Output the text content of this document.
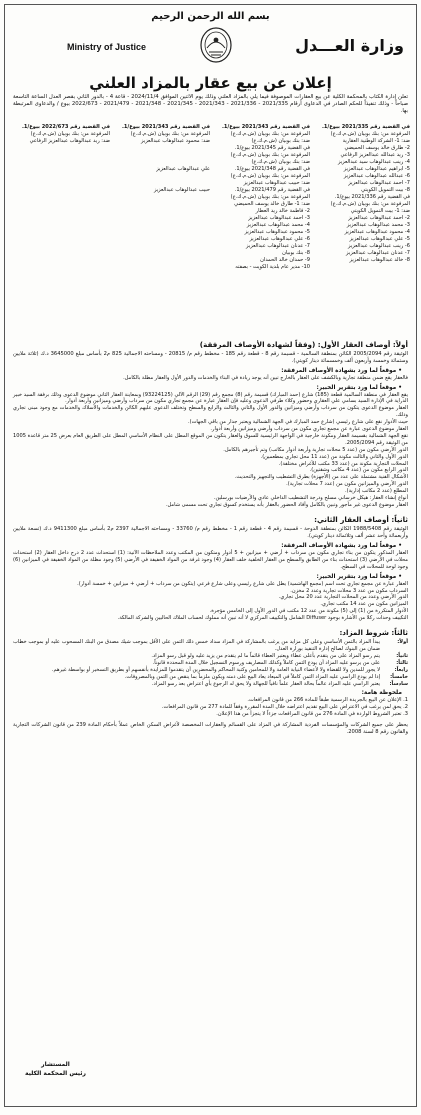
بسم الله الرحمن الرحيم
Ministry of Justice	وزارة العـــدل
إعلان عن بيع عقار بالمزاد العلني
تعلن إدارة الكتاب بالمحكمة الكلية عن بيع العقارات الموصوفة فيما يلي بالمزاد العلني وذلك يوم الاثنين الموافق 2024/11/4 - قاعة 4 - بالدور الثاني بقصر العدل الساعة التاسعة صباحاً - وذلك تنفيذاً للحكم الصادر في الدعاوى أرقام 2021/335 - 2021/336 - 2021/343 - 2021/345 - 2021/348 - 2021/479 - 2022/673 بيوع / والدعاوى المرتبطة بها.
في القضية رقم 2021/335 بيوع/1.
المرفوعة من: بنك بوبيان (ش.م.ك.ع)
ضد: 1- الشركة الوطنية العقارية
2- طارق خالد يوسف الحميضي
3- زيد عبدالله عبدالعزيز الرفاعي
4- زينب عبدالوهاب سيد عبدالعزيز
5- ابراهيم عبدالوهاب عبدالعزيز
6- عبدالله عبدالوهاب عبدالعزيز
7- أحمد عبدالوهاب عبدالعزيز
8- بيت التمويل الكويتي
في القضية رقم 2021/336 بيوع/1.
المرفوعة من: بنك بوبيان (ش.م.ك.ع)
ضد: 1- بيت التمويل الكويتي
2- أحمد عبدالوهاب عبدالعزيز
3- محمد عبدالوهاب عبدالعزيز
4- محمود عبدالوهاب عبدالعزيز
5- علي عبدالوهاب عبدالعزيز
6- زينب عبدالوهاب عبدالعزيز
7- عدنان عبدالوهاب عبدالعزيز
8- خالد عبدالوهاب عبدالعزيز
في القضية رقم 2021/343 بيوع/1.
المرفوعة من: بنك بوبيان (ش.م.ك.ع)
ضد: بنك بوبيان (ش.م.ك.ع)
في القضية رقم 2021/345 بيوع/1.
المرفوعة من: بنك بوبيان (ش.م.ك.ع)
ضد: بنك بوبيان (ش.م.ك.ع)
في القضية رقم 2021/348 بيوع/1.
المرفوعة من: بنك بوبيان (ش.م.ك.ع)
ضد: حبيب عبدالوهاب عبدالعزيز
في القضية رقم 2021/479 بيوع/1.
المرفوعة من: بنك بوبيان (ش.م.ك.ع)
ضد: 1- طارق خالد يوسف الحميضي
2- فاطمة خالد زيد العطار
3- أحمد عبدالوهاب عبدالعزيز
4- محمد عبدالوهاب عبدالعزيز
5- محمود عبدالوهاب عبدالعزيز
6- علي عبدالوهاب عبدالعزيز
7- عدنان عبدالوهاب عبدالعزيز
8- بنك بوبيان
9- حمدان خالد الحمدان
10- مدير عام بلدية الكويت - بصفته
في القضية رقم 2021/343 بيوع/1.
المرفوعة من: بنك بوبيان (ش.م.ك.ع)
ضد: محمود عبدالوهاب عبدالعزيز

علي عبدالوهاب عبدالعزيز

حبيب عبدالوهاب عبدالعزيز
في القضية رقم 2022/673 بيوع/1.
المرفوعة من: بنك بوبيان (ش.م.ك.ع)
ضد: زيد عبدالوهاب عبدالعزيز الرفاعي
أولاً: أوصاف العقار الأول: (وفقاً لشهادة الأوصاف المرفقة)
الوثيقة رقم 2005/2094 الكائن بمنطقة السالمية - قسيمة رقم 8 - قطعة رقم 185 - مخطط رقم م/ 20815 - ومساحته الاجمالية 825 م2 بأساس مبلغ 3645000 د.ك (ثلاثة ملايين وستمائة وخمسة وأربعون ألف وخمسمائة دينار كويتي).
• موقعاً لما ورد بشهادة الأوصاف المرفقة:
فالعقار يقع ضمن منطقة تجارية وبالكشف على العقار بالخارج تبين أنه يوجد زيادة في البناء والخدمات والدور الأول والعقار مطلة بالكامل.
• موقعاً لما ورد بتقرير الخبير:
يقع العقار في منطقة السالمية قطعة (185) شارع (حمد المبارك) قسيمة رقم (8) مجمع رقم (29) الرقم الآلي (93224125) وبمعاينة العقار الثاني موضوع الدعوى وذلك برفقة السيد خبير الدراية في الإدارة السيد بسامي علي العقاري وحضور وكلاء طرفي الدعوى وعليه فإن العقار عبارة عن مجمع تجاري مكون من سرداب وأرضي وميزانين وأربعة أدوار.
العقار موضوع الدعوى يتكون من سرداب وأرضي وميزانين والدور الأول والثاني والثالث والرابع والسطح وتختلف الدعوى عليهم الكائن والخدمات والأسلاك والخدمات مع وجود مبنى تجاري وذلك.
حيث الأدوار نقع على شارع رئيسي (شارع حمد المبارك في الجهة الشمالية ويعتبر جدار من باقي الجهات).
العقار موضوع الدعوى عبارة عن مجمع تجاري مكون من سرداب وأرضي وميزانين وأربعة أدوار.
تقع الجهة الشمالية بقسيمة العقار ومكونة خارجية في الواجهة الرئيسية للسوق والعقار يتكون من الموقع المطل على النظام الأساسي المطل على الطريق العام بعرض 25 متر قاعدة 1005 من الوثيقة رقم 2005/2094.
الدور الأرضي مكون من (عدد 5 محلات تجارية وأربعة أدوار مكاتب) وتم تأجيرهم بالكامل.
الدور الأول والثاني والثالث مكونة من (عدد 11 محل تجاري بمطعمين).
المحلات التجارية مكونة من (عدد 33 مكتب للأغراض مختلفة).
الدور الرابع مكون من (عدد 4 مكاتب وشقتين).
الأشكال الفنية مشتملة على عدد من (الأجهزة) بطرق التشطيب والتجهيز والتحديث.
الدور الأرضي والميزانين مكون من (عدد 7 محلات تجارية).
المطلع (عدد 2 مكاتب إدارية).
أنواع إنشاء العقار: هيكل خرساني مسلح ودرجة التشطيب الداخلي عادي والأرضيات بورسلين.
العقار موضوع الدعوى غير مأجور وتبين بالكامل وأفاد الحضور بالعقار بأنه يستخدم كسوق تجاري تحت مسمى شامل.
ثانياً: أوصاف العقار الثاني:
الوثيقة رقم 1988/5408 الكائن بمنطقة الدوحة - قسيمة رقم 4 - قطعة رقم 1 - مخطط رقم م/ 33760 - ومساحته الاجمالية 2397 م2 بأساس مبلغ 9411300 د.ك (تسعة ملايين وأربعمائة وأحد عشر ألف وثلاثمائة دينار كويتي).
• موقعاً لما ورد بشهادة الأوصاف المرفقة:
العقار المذكور يتكون من بناء تجاري مكون من سرداب + أرضي + ميزانين + 5 أدوار ومتكون من المكتب وعدد الملاحظات الآتية: (1) استحداث عدد 2 درج داخل العقار (2) استحداث محلات في الأرضي (3) استحداث بناء من الطابق والسطح من العقار الخلفية خلف العقار (4) وجود غرفة من المواد الخفيفة في الأرضي (5) وجود مظلة من المواد الخفيفة في الميزانين (6) وجود لوحة للمحلات في السطح.
• موقعاً لما ورد بتقرير الخبير:
العقار عبارة عن مجمع تجاري تحت اسم (مجمع الهاشمية) يطل على شارع رئيسي وعلى شارع فرعي (يتكون من سرداب + أرضي + ميزانين + خمسة أدوار).
السرداب مكون من عدد 3 محلات تجارية وعدد 2 مخزن.
الدور الأرضي وعدد من المحلات التجارية عدد 20 محل تجاري.
الميزانين مكون من عدد 14 مكتب تجاري.
الأدوار المتكررة من (1) إلى (5) مكونة من عدد 12 مكتب في الدور الأول إلى الخامس مؤجرة.
التكييف وحدات ركلا من الأشارة بوجود Diffuser الشامل والتكييف المركزي لا أنه تبين أنه مملوك لحساب الملاك الحاليين والشركة المالكة.
ثالثاً: شروط المزاد:
أولاً:
يبدأ المزاد بالثمن الأساسي وعلى كل مزايد من يرغب بالمشاركة في المزاد سداد خمس ذلك الثمن على الأقل بموجب شيك مصدق من البنك المسحوب عليه أو بموجب خطاب ضمان من البنوك لصالح إدارة التنفيذ بوزارة العدل.
ثانياً:
يتم رسو المزاد على من يتقدم بأعلى عطاء ويعتبر العطاء قائماً ما لم يتقدم من يزيد عليه ولو قبل رسو المزاد.
ثالثاً:
على من يرسو عليه المزاد أن يودع الثمن كاملاً وكذلك المصاريف ورسوم التسجيل خلال المدة المحددة قانوناً.
رابعاً:
لا يجوز للمدين ولا للقضاة ولا لأعضاء النيابة العامة ولا للمحامين وكتبة المحاكم والمحضرين أن يتقدموا للمزايدة بأنفسهم أو بطريق التسخير أو بواسطة غيرهم.
خامساً:
إذا لم يودع الراسي عليه المزاد الثمن كاملاً في الميعاد يعاد البيع على ذمته ويكون ملزماً بما ينقص من الثمن وبالمصروفات.
سادساً:
يعتبر الراسي عليه المزاد عالماً بحالة العقار علماً نافياً للجهالة ولا يحق له الرجوع بأي اعتراض بعد رسو المزاد.
ملحوظة هامة:
1. الإعلان عن البيع بالجريدة الرسمية طبقاً للمادة 266 من قانون المرافعات.
2. يحق لمن يرغب في الاعتراض على البيع تقديم اعتراضه خلال المدة المقررة وفقاً للمادة 277 من قانون المرافعات.
3. تعتبر الشروط الواردة في المادة 276 من قانون المرافعات جزءاً لا يتجزأ من هذا الإعلان.
يحظر على جميع الشركات والمؤسسات الفردية المشاركة في المزاد على القسائم والعقارات المخصصة لأغراض السكن الخاص عملاً بأحكام المادة 239 من قانون الشركات التجارية والقانون رقم 8 لسنة 2008.
المستشار
رئيس المحكمة الكلية
